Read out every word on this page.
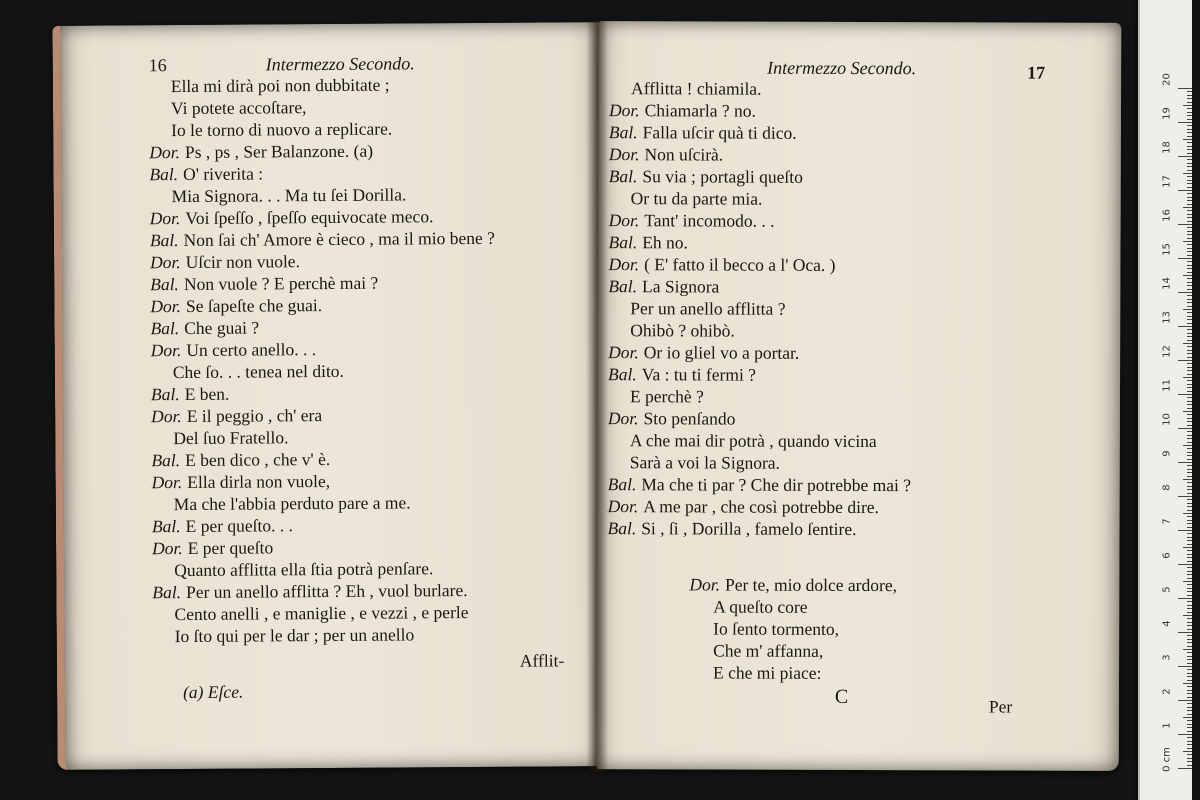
16	Intermezzo Secondo.
Ella mi dirà poi non dubbitate ;
Vi potete accoſtare,
Io le torno di nuovo a replicare.
Dor. Ps , ps , Ser Balanzone. (a)
Bal. O' riverita :
Mia Signora. . . Ma tu ſei Dorilla.
Dor. Voi ſpeſſo , ſpeſſo equivocate meco.
Bal. Non ſai ch' Amore è cieco , ma il mio bene ?
Dor. Uſcir non vuole.
Bal. Non vuole ? E perchè mai ?
Dor. Se ſapeſte che guai.
Bal. Che guai ?
Dor. Un certo anello. . .
Che ſo. . . tenea nel dito.
Bal. E ben.
Dor. E il peggio , ch' era
Del ſuo Fratello.
Bal. E ben dico , che v' è.
Dor. Ella dirla non vuole,
Ma che l'abbia perduto pare a me.
Bal. E per queſto. . .
Dor. E per queſto
Quanto afflitta ella ſtia potrà penſare.
Bal. Per un anello afflitta ? Eh , vuol burlare.
Cento anelli , e maniglie , e vezzi , e perle
Io ſto qui per le dar ; per un anello
Afflit-
(a) Eſce.
Intermezzo Secondo.	17
Afflitta ! chiamila.
Dor. Chiamarla ? no.
Bal. Falla uſcir quà ti dico.
Dor. Non uſcirà.
Bal. Su via ; portagli queſto
Or tu da parte mia.
Dor. Tant' incomodo. . .
Bal. Eh no.
Dor. ( E' fatto il becco a l' Oca. )
Bal. La Signora
Per un anello afflitta ?
Ohibò ? ohibò.
Dor. Or io gliel vo a portar.
Bal. Va : tu ti fermi ?
E perchè ?
Dor. Sto penſando
A che mai dir potrà , quando vicina
Sarà a voi la Signora.
Bal. Ma che ti par ? Che dir potrebbe mai ?
Dor. A me par , che così potrebbe dire.
Bal. Si , ſi , Dorilla , famelo ſentire.
Dor. Per te, mio dolce ardore,
A queſto core
Io ſento tormento,
Che m' affanna,
E che mi piace:
C	Per
0 cm
1
2
3
4
5
6
7
8
9
10
11
12
13
14
15
16
17
18
19
20
